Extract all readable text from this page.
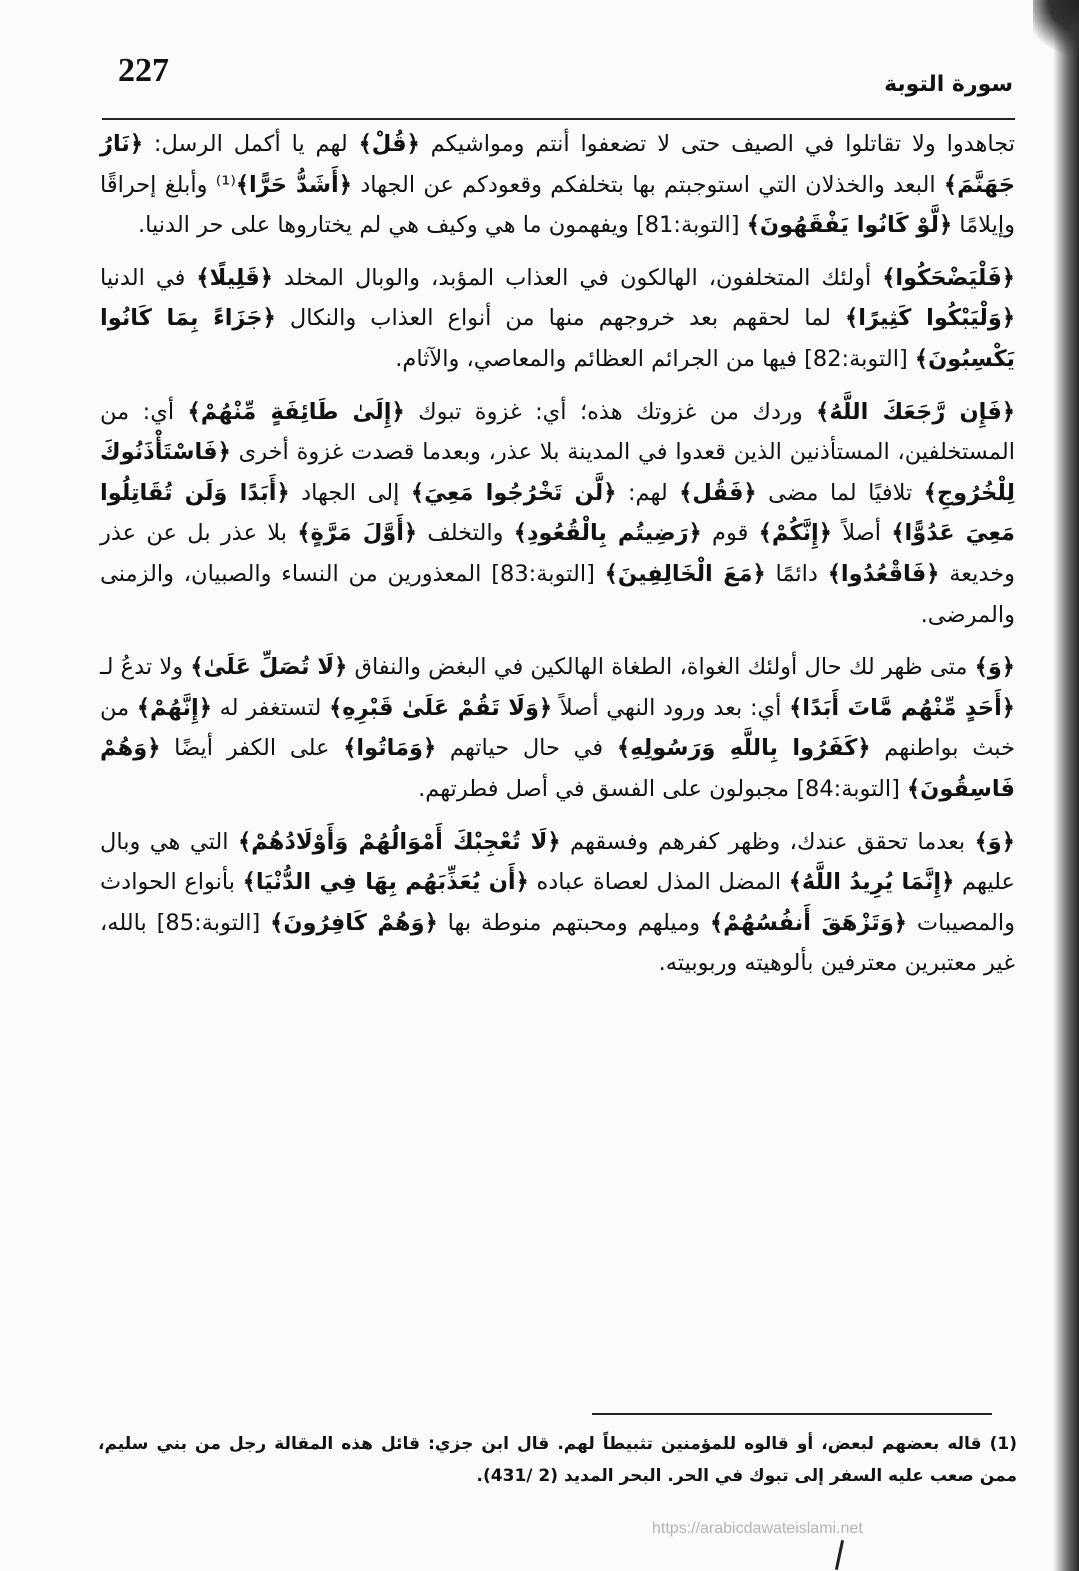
227	سورة التوبة

تجاهدوا ولا تقاتلوا في الصيف حتى لا تضعفوا أنتم ومواشيكم ﴿قُلْ﴾ لهم يا أكمل الرسل: ﴿نَارُ جَهَنَّمَ﴾ البعد والخذلان التي استوجبتم بها بتخلفكم وقعودكم عن الجهاد ﴿أَشَدُّ حَرًّا﴾⁽¹⁾ وأبلغ إحراقًا وإيلامًا ﴿لَّوْ كَانُوا يَفْقَهُونَ﴾ [التوبة:81] ويفهمون ما هي وكيف هي لم يختاروها على حر الدنيا.

﴿فَلْيَضْحَكُوا﴾ أولئك المتخلفون، الهالكون في العذاب المؤبد، والوبال المخلد ﴿قَلِيلًا﴾ في الدنيا ﴿وَلْيَبْكُوا كَثِيرًا﴾ لما لحقهم بعد خروجهم منها من أنواع العذاب والنكال ﴿جَزَاءً بِمَا كَانُوا يَكْسِبُونَ﴾ [التوبة:82] فيها من الجرائم العظائم والمعاصي، والآثام.

﴿فَإِن رَّجَعَكَ اللَّهُ﴾ وردك من غزوتك هذه؛ أي: غزوة تبوك ﴿إِلَىٰ طَائِفَةٍ مِّنْهُمْ﴾ أي: من المستخلفين، المستأذنين الذين قعدوا في المدينة بلا عذر، وبعدما قصدت غزوة أخرى ﴿فَاسْتَأْذَنُوكَ لِلْخُرُوجِ﴾ تلافيًا لما مضى ﴿فَقُل﴾ لهم: ﴿لَّن تَخْرُجُوا مَعِيَ﴾ إلى الجهاد ﴿أَبَدًا وَلَن تُقَاتِلُوا مَعِيَ عَدُوًّا﴾ أصلاً ﴿إِنَّكُمْ﴾ قوم ﴿رَضِيتُم بِالْقُعُودِ﴾ والتخلف ﴿أَوَّلَ مَرَّةٍ﴾ بلا عذر بل عن عذر وخديعة ﴿فَاقْعُدُوا﴾ دائمًا ﴿مَعَ الْخَالِفِينَ﴾ [التوبة:83] المعذورين من النساء والصبيان، والزمنى والمرضى.

﴿وَ﴾ متى ظهر لك حال أولئك الغواة، الطغاة الهالكين في البغض والنفاق ﴿لَا تُصَلِّ عَلَىٰ﴾ ولا تدعُ لـ ﴿أَحَدٍ مِّنْهُم مَّاتَ أَبَدًا﴾ أي: بعد ورود النهي أصلاً ﴿وَلَا تَقُمْ عَلَىٰ قَبْرِهِ﴾ لتستغفر له ﴿إِنَّهُمْ﴾ من خبث بواطنهم ﴿كَفَرُوا بِاللَّهِ وَرَسُولِهِ﴾ في حال حياتهم ﴿وَمَاتُوا﴾ على الكفر أيضًا ﴿وَهُمْ فَاسِقُونَ﴾ [التوبة:84] مجبولون على الفسق في أصل فطرتهم.

﴿وَ﴾ بعدما تحقق عندك، وظهر كفرهم وفسقهم ﴿لَا تُعْجِبْكَ أَمْوَالُهُمْ وَأَوْلَادُهُمْ﴾ التي هي وبال عليهم ﴿إِنَّمَا يُرِيدُ اللَّهُ﴾ المضل المذل لعصاة عباده ﴿أَن يُعَذِّبَهُم بِهَا فِي الدُّنْيَا﴾ بأنواع الحوادث والمصيبات ﴿وَتَزْهَقَ أَنفُسُهُمْ﴾ وميلهم ومحبتهم منوطة بها ﴿وَهُمْ كَافِرُونَ﴾ [التوبة:85] بالله، غير معتبرين معترفين بألوهيته وربوبيته.

(1) قاله بعضهم لبعض، أو قالوه للمؤمنين تثبيطاً لهم. قال ابن جزي: قائل هذه المقالة رجل من بني سليم، ممن صعب عليه السفر إلى تبوك في الحر. البحر المديد (2 /431).
https://arabicdawateislami.net
